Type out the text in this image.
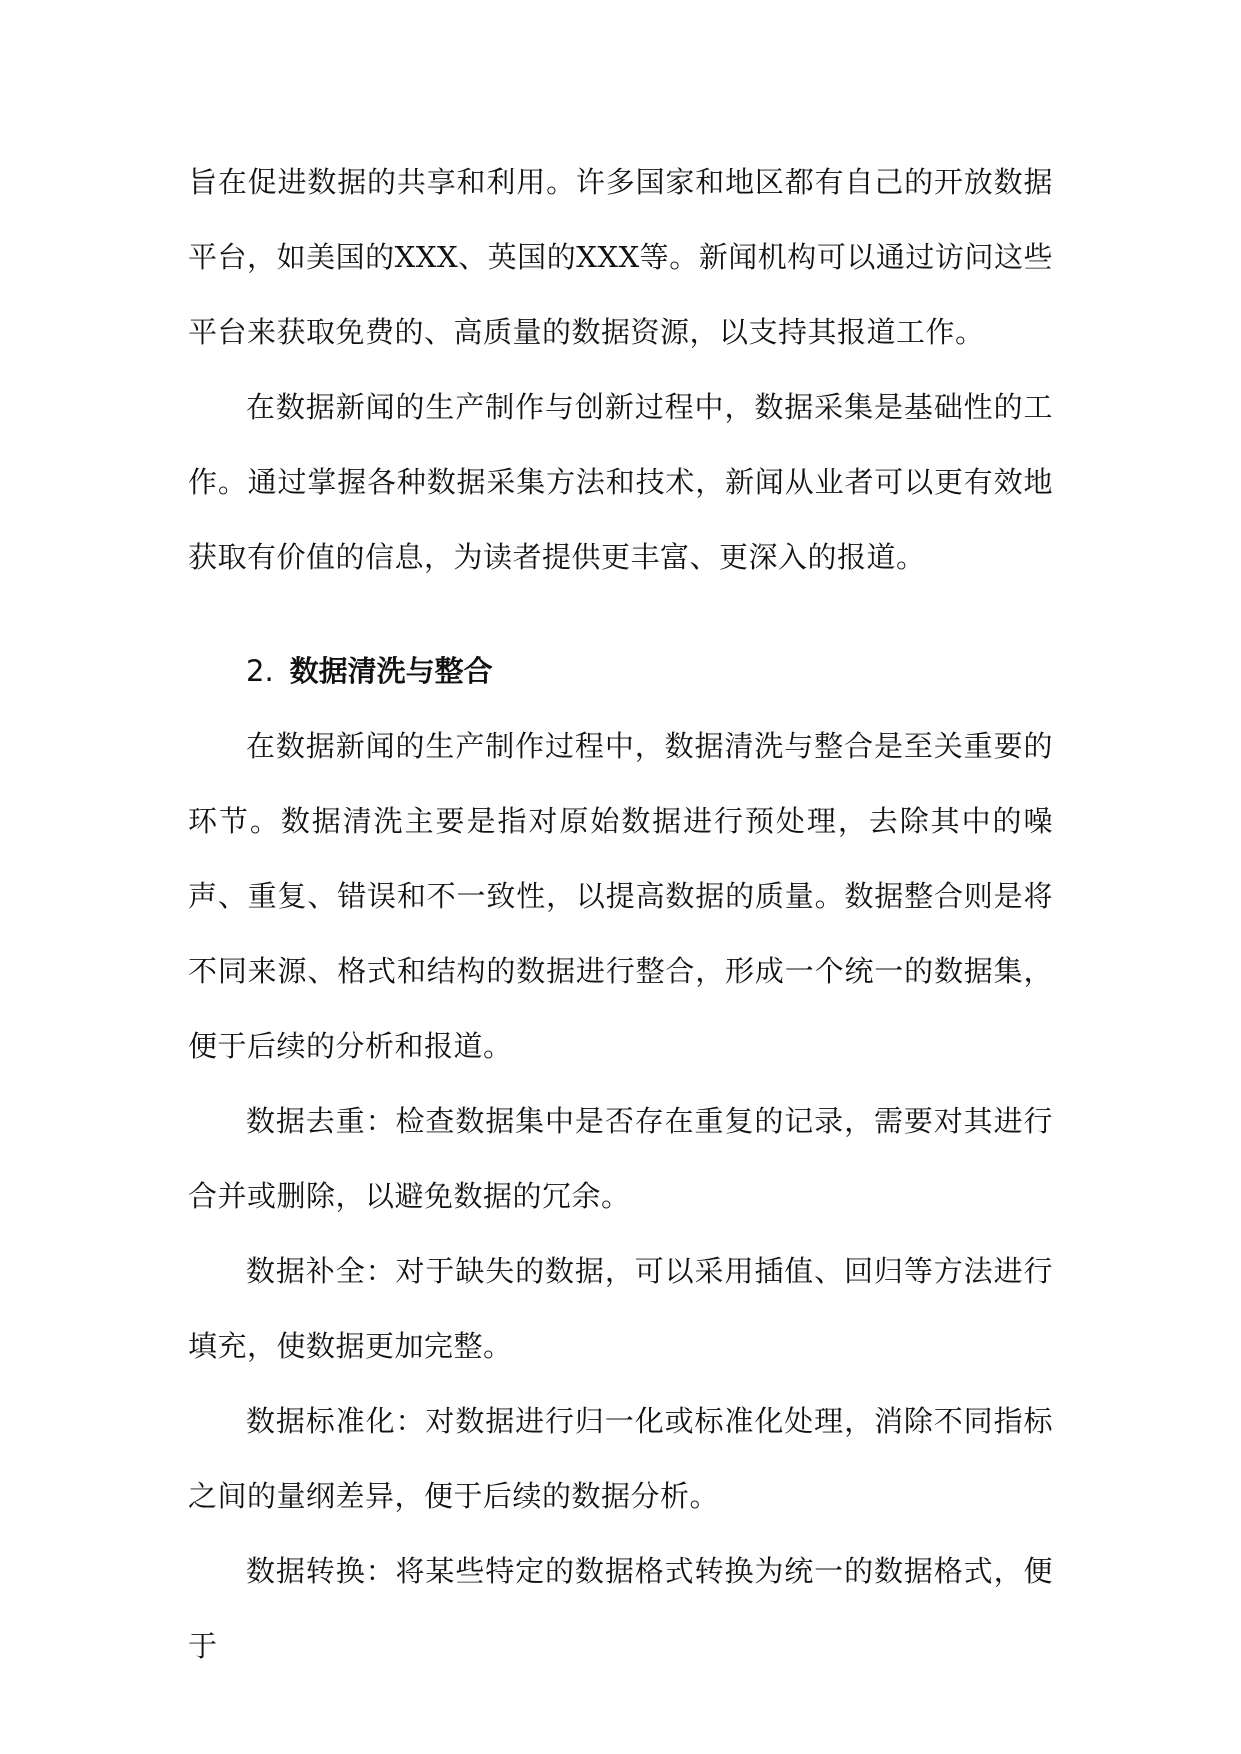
旨在促进数据的共享和利用。许多国家和地区都有自己的开放数据平台，如美国的XXX、英国的XXX等。新闻机构可以通过访问这些平台来获取免费的、高质量的数据资源，以支持其报道工作。

在数据新闻的生产制作与创新过程中，数据采集是基础性的工作。通过掌握各种数据采集方法和技术，新闻从业者可以更有效地获取有价值的信息，为读者提供更丰富、更深入的报道。

2. 数据清洗与整合

在数据新闻的生产制作过程中，数据清洗与整合是至关重要的环节。数据清洗主要是指对原始数据进行预处理，去除其中的噪声、重复、错误和不一致性，以提高数据的质量。数据整合则是将不同来源、格式和结构的数据进行整合，形成一个统一的数据集，便于后续的分析和报道。

数据去重：检查数据集中是否存在重复的记录，需要对其进行合并或删除，以避免数据的冗余。

数据补全：对于缺失的数据，可以采用插值、回归等方法进行填充，使数据更加完整。

数据标准化：对数据进行归一化或标准化处理，消除不同指标之间的量纲差异，便于后续的数据分析。

数据转换：将某些特定的数据格式转换为统一的数据格式，便于
